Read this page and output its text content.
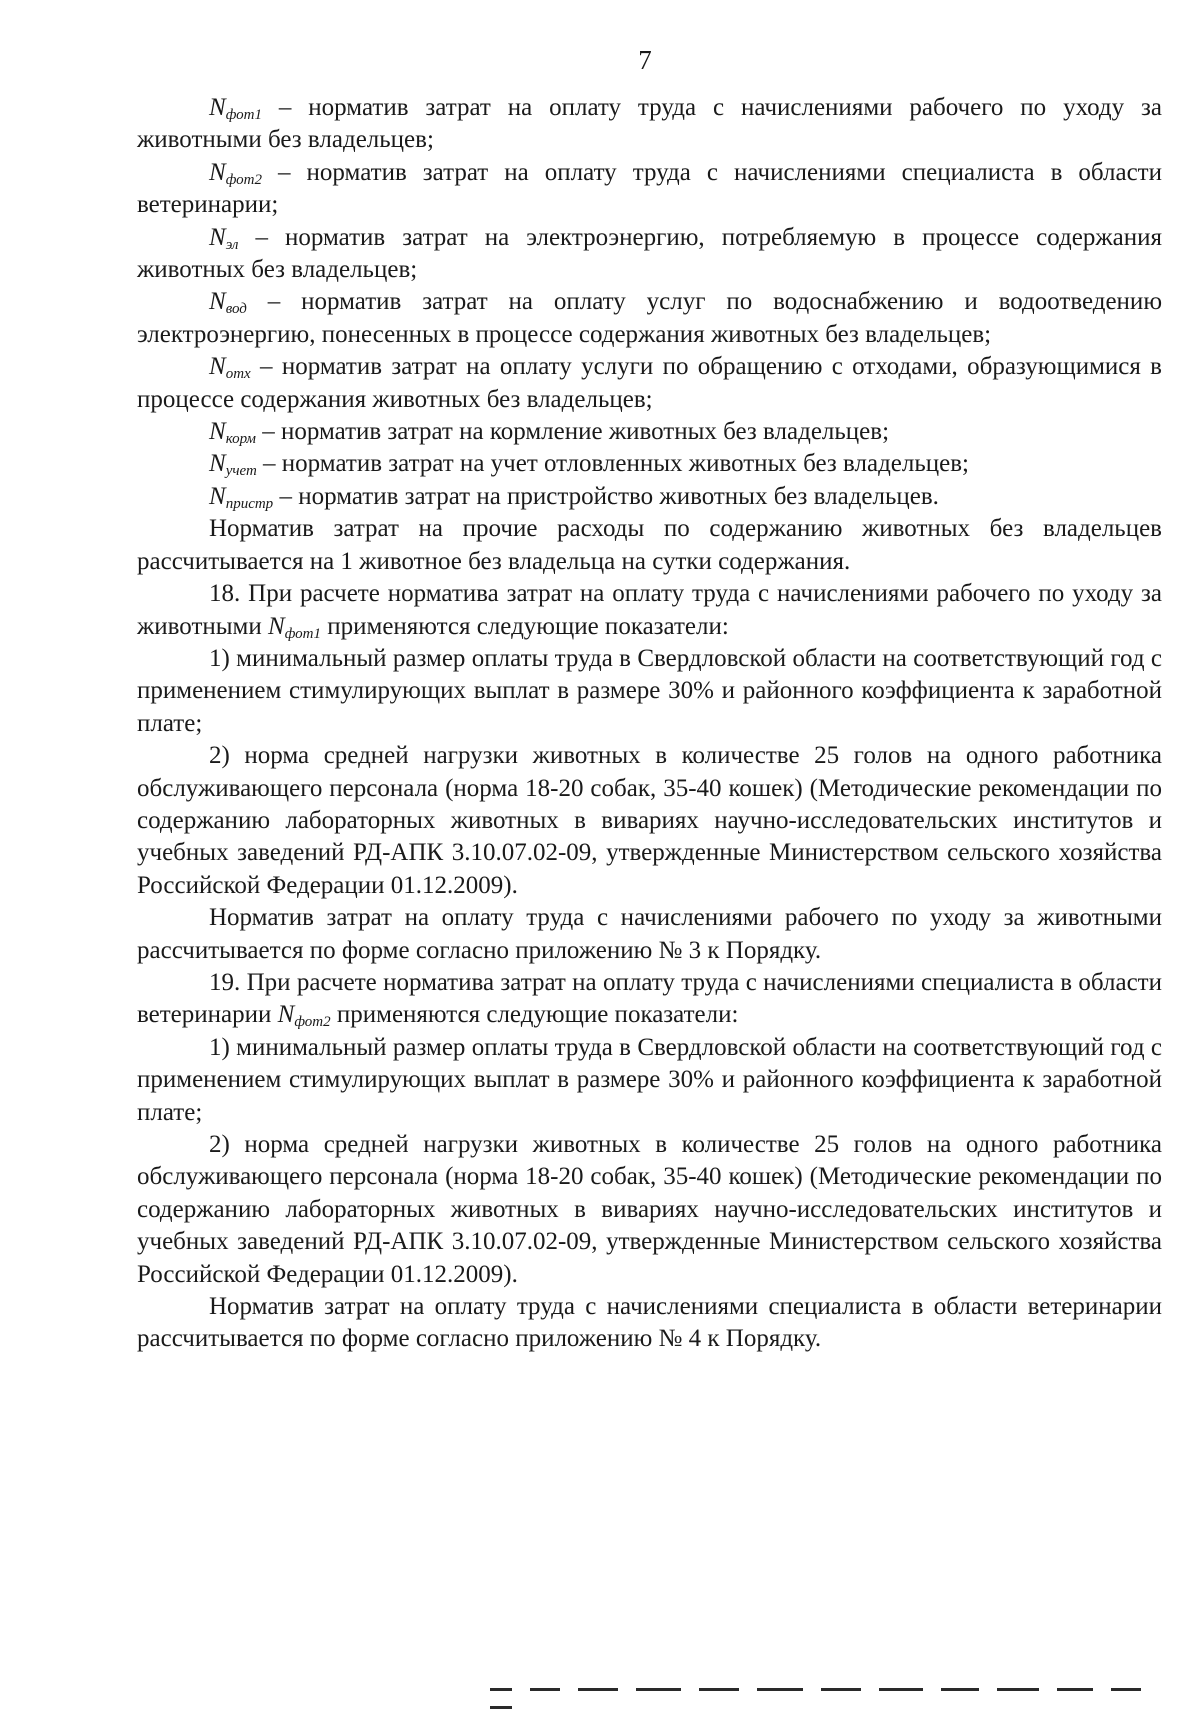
7

$N_{фот1}$ – норматив затрат на оплату труда с начислениями рабочего по уходу за животными без владельцев;

$N_{фот2}$ – норматив затрат на оплату труда с начислениями специалиста в области ветеринарии;

$N_{эл}$ – норматив затрат на электроэнергию, потребляемую в процессе содержания животных без владельцев;

$N_{вод}$ – норматив затрат на оплату услуг по водоснабжению и водоотведению электроэнергию, понесенных в процессе содержания животных без владельцев;

$N_{отх}$ – норматив затрат на оплату услуги по обращению с отходами, образующимися в процессе содержания животных без владельцев;

$N_{корм}$ – норматив затрат на кормление животных без владельцев;

$N_{учет}$ – норматив затрат на учет отловленных животных без владельцев;

$N_{пристр}$ – норматив затрат на пристройство животных без владельцев.

Норматив затрат на прочие расходы по содержанию животных без владельцев рассчитывается на 1 животное без владельца на сутки содержания.

18. При расчете норматива затрат на оплату труда с начислениями рабочего по уходу за животными $N_{фот1}$ применяются следующие показатели:

1) минимальный размер оплаты труда в Свердловской области на соответствующий год с применением стимулирующих выплат в размере 30% и районного коэффициента к заработной плате;

2) норма средней нагрузки животных в количестве 25 голов на одного работника обслуживающего персонала (норма 18-20 собак, 35-40 кошек) (Методические рекомендации по содержанию лабораторных животных в вивариях научно-исследовательских институтов и учебных заведений РД-АПК 3.10.07.02-09, утвержденные Министерством сельского хозяйства Российской Федерации 01.12.2009).

Норматив затрат на оплату труда с начислениями рабочего по уходу за животными рассчитывается по форме согласно приложению № 3 к Порядку.

19. При расчете норматива затрат на оплату труда с начислениями специалиста в области ветеринарии $N_{фот2}$ применяются следующие показатели:

1) минимальный размер оплаты труда в Свердловской области на соответствующий год с применением стимулирующих выплат в размере 30% и районного коэффициента к заработной плате;

2) норма средней нагрузки животных в количестве 25 голов на одного работника обслуживающего персонала (норма 18-20 собак, 35-40 кошек) (Методические рекомендации по содержанию лабораторных животных в вивариях научно-исследовательских институтов и учебных заведений РД-АПК 3.10.07.02-09, утвержденные Министерством сельского хозяйства Российской Федерации 01.12.2009).

Норматив затрат на оплату труда с начислениями специалиста в области ветеринарии рассчитывается по форме согласно приложению № 4 к Порядку.
